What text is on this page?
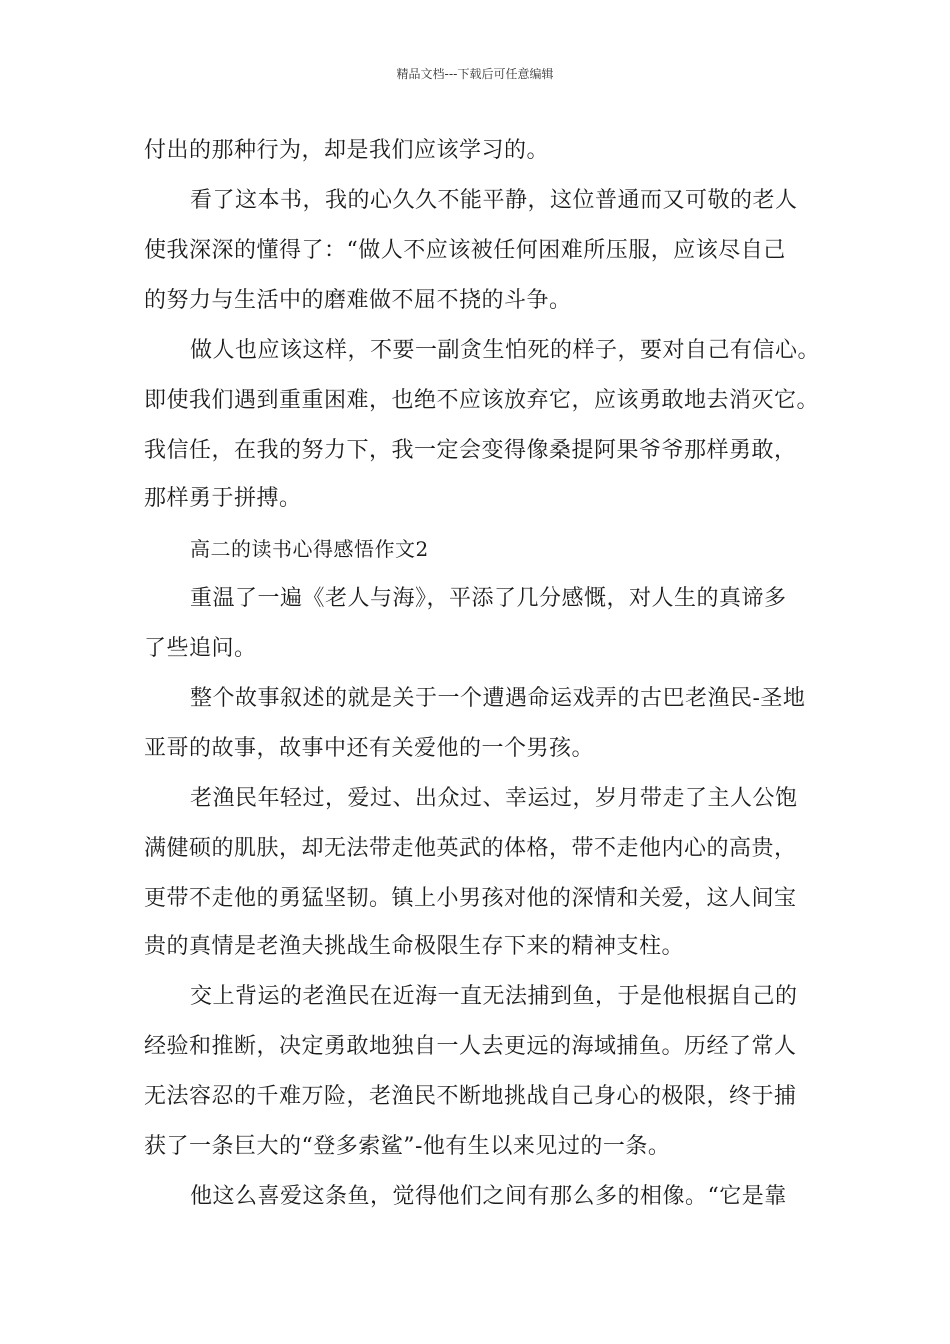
精品文档---下载后可任意编辑
付出的那种行为，却是我们应该学习的。
看了这本书，我的心久久不能平静，这位普通而又可敬的老人
使我深深的懂得了：“做人不应该被任何困难所压服，应该尽自己
的努力与生活中的磨难做不屈不挠的斗争。
做人也应该这样，不要一副贪生怕死的样子，要对自己有信心。
即使我们遇到重重困难，也绝不应该放弃它，应该勇敢地去消灭它。
我信任，在我的努力下，我一定会变得像桑提阿果爷爷那样勇敢，
那样勇于拼搏。
高二的读书心得感悟作文2
重温了一遍《老人与海》，平添了几分感慨，对人生的真谛多
了些追问。
整个故事叙述的就是关于一个遭遇命运戏弄的古巴老渔民-圣地
亚哥的故事，故事中还有关爱他的一个男孩。
老渔民年轻过，爱过、出众过、幸运过，岁月带走了主人公饱
满健硕的肌肤，却无法带走他英武的体格，带不走他内心的高贵，
更带不走他的勇猛坚韧。镇上小男孩对他的深情和关爱，这人间宝
贵的真情是老渔夫挑战生命极限生存下来的精神支柱。
交上背运的老渔民在近海一直无法捕到鱼，于是他根据自己的
经验和推断，决定勇敢地独自一人去更远的海域捕鱼。历经了常人
无法容忍的千难万险，老渔民不断地挑战自己身心的极限，终于捕
获了一条巨大的“登多索鲨”-他有生以来见过的一条。
他这么喜爱这条鱼，觉得他们之间有那么多的相像。“它是靠
